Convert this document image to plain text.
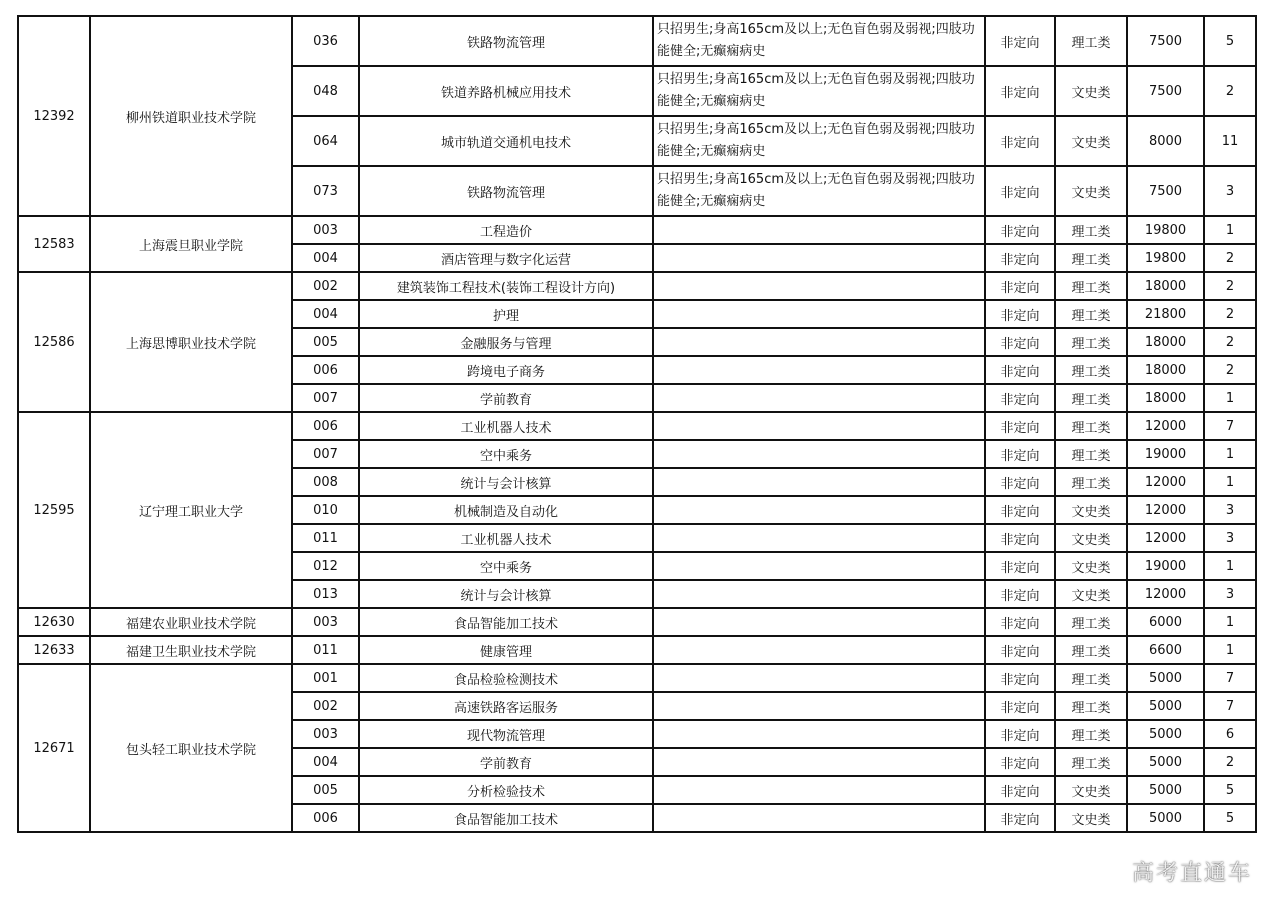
12392	柳州铁道职业技术学院	036	铁路物流管理	只招男生;身高165cm及以上;无色盲色弱及弱视;四肢功能健全;无癫痫病史	非定向	理工类	7500	5
		048	铁道养路机械应用技术	只招男生;身高165cm及以上;无色盲色弱及弱视;四肢功能健全;无癫痫病史	非定向	文史类	7500	2
		064	城市轨道交通机电技术	只招男生;身高165cm及以上;无色盲色弱及弱视;四肢功能健全;无癫痫病史	非定向	文史类	8000	11
		073	铁路物流管理	只招男生;身高165cm及以上;无色盲色弱及弱视;四肢功能健全;无癫痫病史	非定向	文史类	7500	3
12583	上海震旦职业学院	003	工程造价		非定向	理工类	19800	1
		004	酒店管理与数字化运营		非定向	理工类	19800	2
12586	上海思博职业技术学院	002	建筑装饰工程技术(装饰工程设计方向)		非定向	理工类	18000	2
		004	护理		非定向	理工类	21800	2
		005	金融服务与管理		非定向	理工类	18000	2
		006	跨境电子商务		非定向	理工类	18000	2
		007	学前教育		非定向	理工类	18000	1
12595	辽宁理工职业大学	006	工业机器人技术		非定向	理工类	12000	7
		007	空中乘务		非定向	理工类	19000	1
		008	统计与会计核算		非定向	理工类	12000	1
		010	机械制造及自动化		非定向	文史类	12000	3
		011	工业机器人技术		非定向	文史类	12000	3
		012	空中乘务		非定向	文史类	19000	1
		013	统计与会计核算		非定向	文史类	12000	3
12630	福建农业职业技术学院	003	食品智能加工技术		非定向	理工类	6000	1
12633	福建卫生职业技术学院	011	健康管理		非定向	理工类	6600	1
12671	包头轻工职业技术学院	001	食品检验检测技术		非定向	理工类	5000	7
		002	高速铁路客运服务		非定向	理工类	5000	7
		003	现代物流管理		非定向	理工类	5000	6
		004	学前教育		非定向	理工类	5000	2
		005	分析检验技术		非定向	文史类	5000	5
		006	食品智能加工技术		非定向	文史类	5000	5
高考直通车
